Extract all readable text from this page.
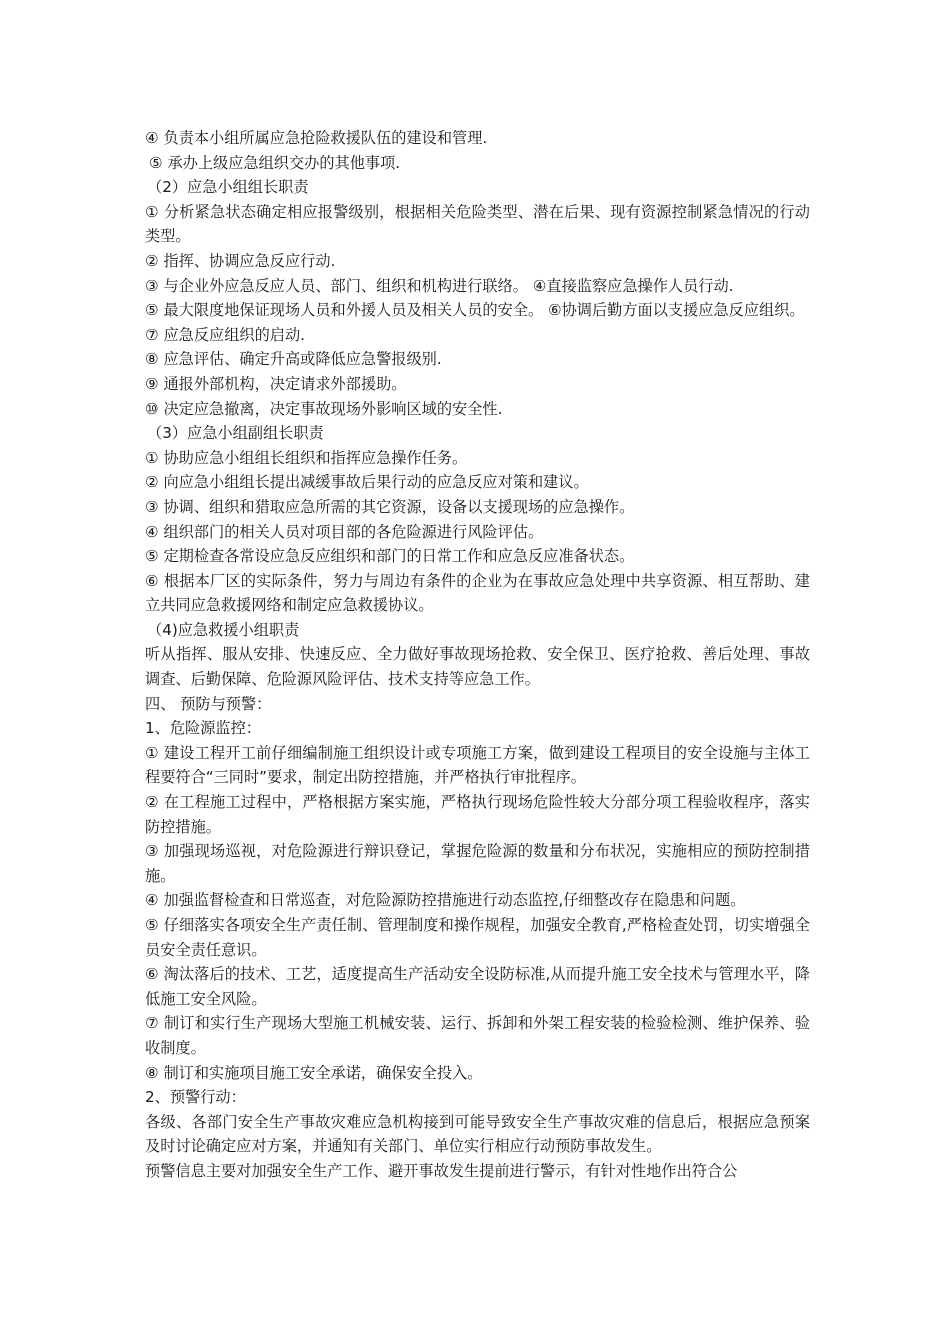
④ 负责本小组所属应急抢险救援队伍的建设和管理.

⑤ 承办上级应急组织交办的其他事项.

（2）应急小组组长职责

① 分析紧急状态确定相应报警级别，根据相关危险类型、潜在后果、现有资源控制紧急情况的行动类型。

② 指挥、协调应急反应行动.

③ 与企业外应急反应人员、部门、组织和机构进行联络。 ④直接监察应急操作人员行动.

⑤ 最大限度地保证现场人员和外援人员及相关人员的安全。 ⑥协调后勤方面以支援应急反应组织。

⑦ 应急反应组织的启动.

⑧ 应急评估、确定升高或降低应急警报级别.

⑨ 通报外部机构，决定请求外部援助。

⑩ 决定应急撤离，决定事故现场外影响区域的安全性.

（3）应急小组副组长职责

① 协助应急小组组长组织和指挥应急操作任务。

② 向应急小组组长提出减缓事故后果行动的应急反应对策和建议。

③ 协调、组织和猎取应急所需的其它资源，设备以支援现场的应急操作。

④ 组织部门的相关人员对项目部的各危险源进行风险评估。

⑤ 定期检查各常设应急反应组织和部门的日常工作和应急反应准备状态。

⑥ 根据本厂区的实际条件，努力与周边有条件的企业为在事故应急处理中共享资源、相互帮助、建立共同应急救援网络和制定应急救援协议。

（4)应急救援小组职责

听从指挥、服从安排、快速反应、全力做好事故现场抢救、安全保卫、医疗抢救、善后处理、事故调查、后勤保障、危险源风险评估、技术支持等应急工作。

四、 预防与预警：

1、危险源监控：

① 建设工程开工前仔细编制施工组织设计或专项施工方案，做到建设工程项目的安全设施与主体工程要符合“三同时”要求，制定出防控措施，并严格执行审批程序。

② 在工程施工过程中，严格根据方案实施，严格执行现场危险性较大分部分项工程验收程序，落实防控措施。

③ 加强现场巡视，对危险源进行辩识登记，掌握危险源的数量和分布状况，实施相应的预防控制措施。

④ 加强监督检查和日常巡查，对危险源防控措施进行动态监控,仔细整改存在隐患和问题。

⑤ 仔细落实各项安全生产责任制、管理制度和操作规程，加强安全教育,严格检查处罚，切实增强全员安全责任意识。

⑥ 淘汰落后的技术、工艺，适度提高生产活动安全设防标准,从而提升施工安全技术与管理水平，降低施工安全风险。

⑦ 制订和实行生产现场大型施工机械安装、运行、拆卸和外架工程安装的检验检测、维护保养、验收制度。

⑧ 制订和实施项目施工安全承诺，确保安全投入。

2、预警行动：

各级、各部门安全生产事故灾难应急机构接到可能导致安全生产事故灾难的信息后，根据应急预案及时讨论确定应对方案，并通知有关部门、单位实行相应行动预防事故发生。

预警信息主要对加强安全生产工作、避开事故发生提前进行警示，有针对性地作出符合公
